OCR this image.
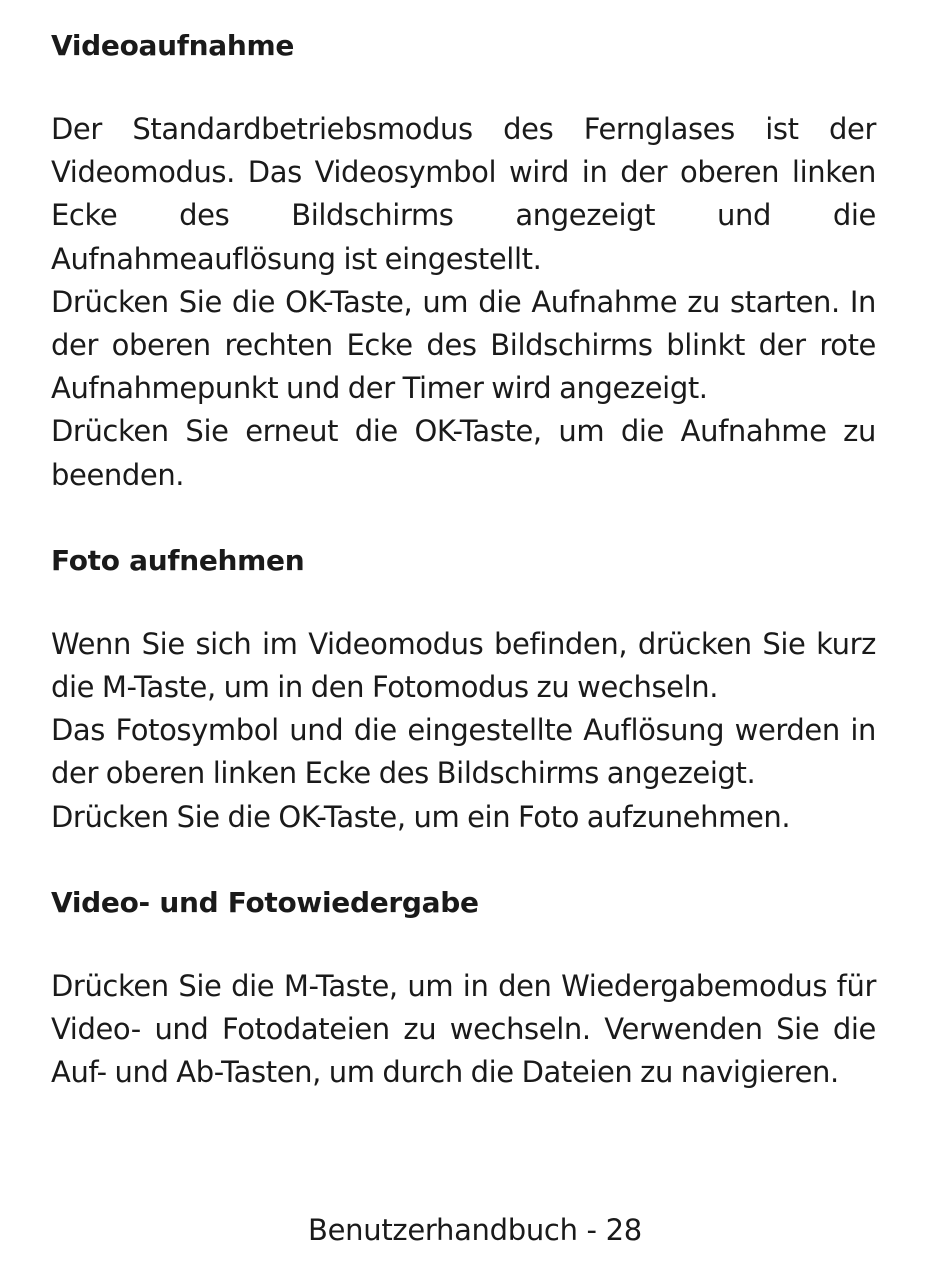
Videoaufnahme

Der Standardbetriebsmodus des Fernglases ist der Videomodus. Das Videosymbol wird in der oberen linken Ecke des Bildschirms angezeigt und die Aufnahmeauflösung ist eingestellt.

Drücken Sie die OK-Taste, um die Aufnahme zu starten. In der oberen rechten Ecke des Bildschirms blinkt der rote Aufnahmepunkt und der Timer wird angezeigt.

Drücken Sie erneut die OK-Taste, um die Aufnahme zu beenden.

Foto aufnehmen

Wenn Sie sich im Videomodus befinden, drücken Sie kurz die M-Taste, um in den Fotomodus zu wechseln.

Das Fotosymbol und die eingestellte Auflösung werden in der oberen linken Ecke des Bildschirms angezeigt.

Drücken Sie die OK-Taste, um ein Foto aufzunehmen.

Video- und Fotowiedergabe

Drücken Sie die M-Taste, um in den Wiedergabemodus für Video- und Fotodateien zu wechseln. Verwenden Sie die Auf- und Ab-Tasten, um durch die Dateien zu navigieren.

Benutzerhandbuch - 28
